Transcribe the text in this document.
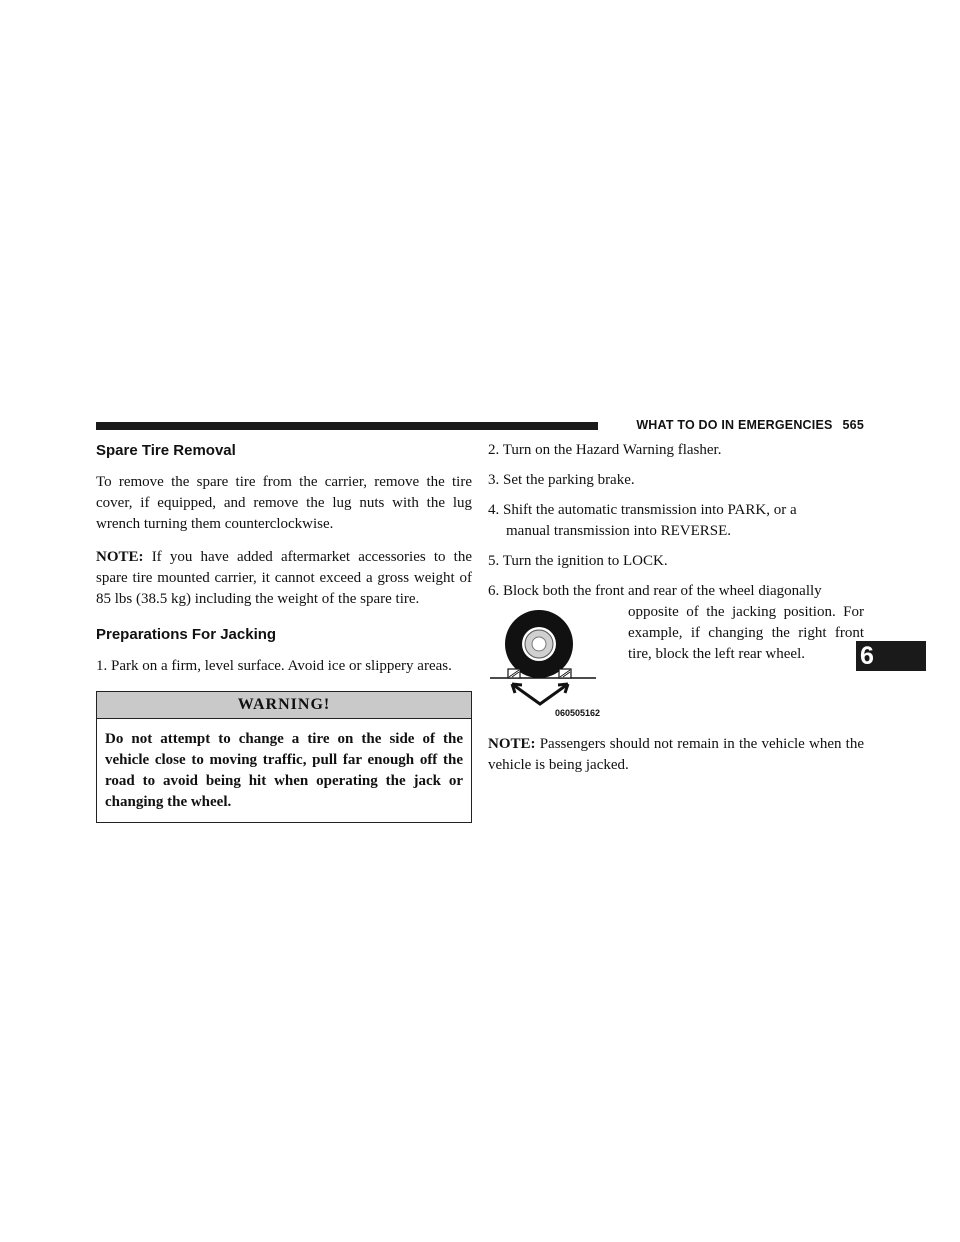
WHAT TO DO IN EMERGENCIES 565
6
Spare Tire Removal

To remove the spare tire from the carrier, remove the tire cover, if equipped, and remove the lug nuts with the lug wrench turning them counterclockwise.

NOTE: If you have added aftermarket accessories to the spare tire mounted carrier, it cannot exceed a gross weight of 85 lbs (38.5 kg) including the weight of the spare tire.

Preparations For Jacking

1. Park on a firm, level surface. Avoid ice or slippery areas.

WARNING!
Do not attempt to change a tire on the side of the vehicle close to moving traffic, pull far enough off the road to avoid being hit when operating the jack or changing the wheel.
2. Turn on the Hazard Warning flasher.
3. Set the parking brake.
4. Shift the automatic transmission into PARK, or a
manual transmission into REVERSE.
5. Turn the ignition to LOCK.
6. Block both the front and rear of the wheel diagonally
060505162
opposite of the jacking position. For example, if changing the right front tire, block the left rear wheel.

NOTE: Passengers should not remain in the vehicle when the vehicle is being jacked.
